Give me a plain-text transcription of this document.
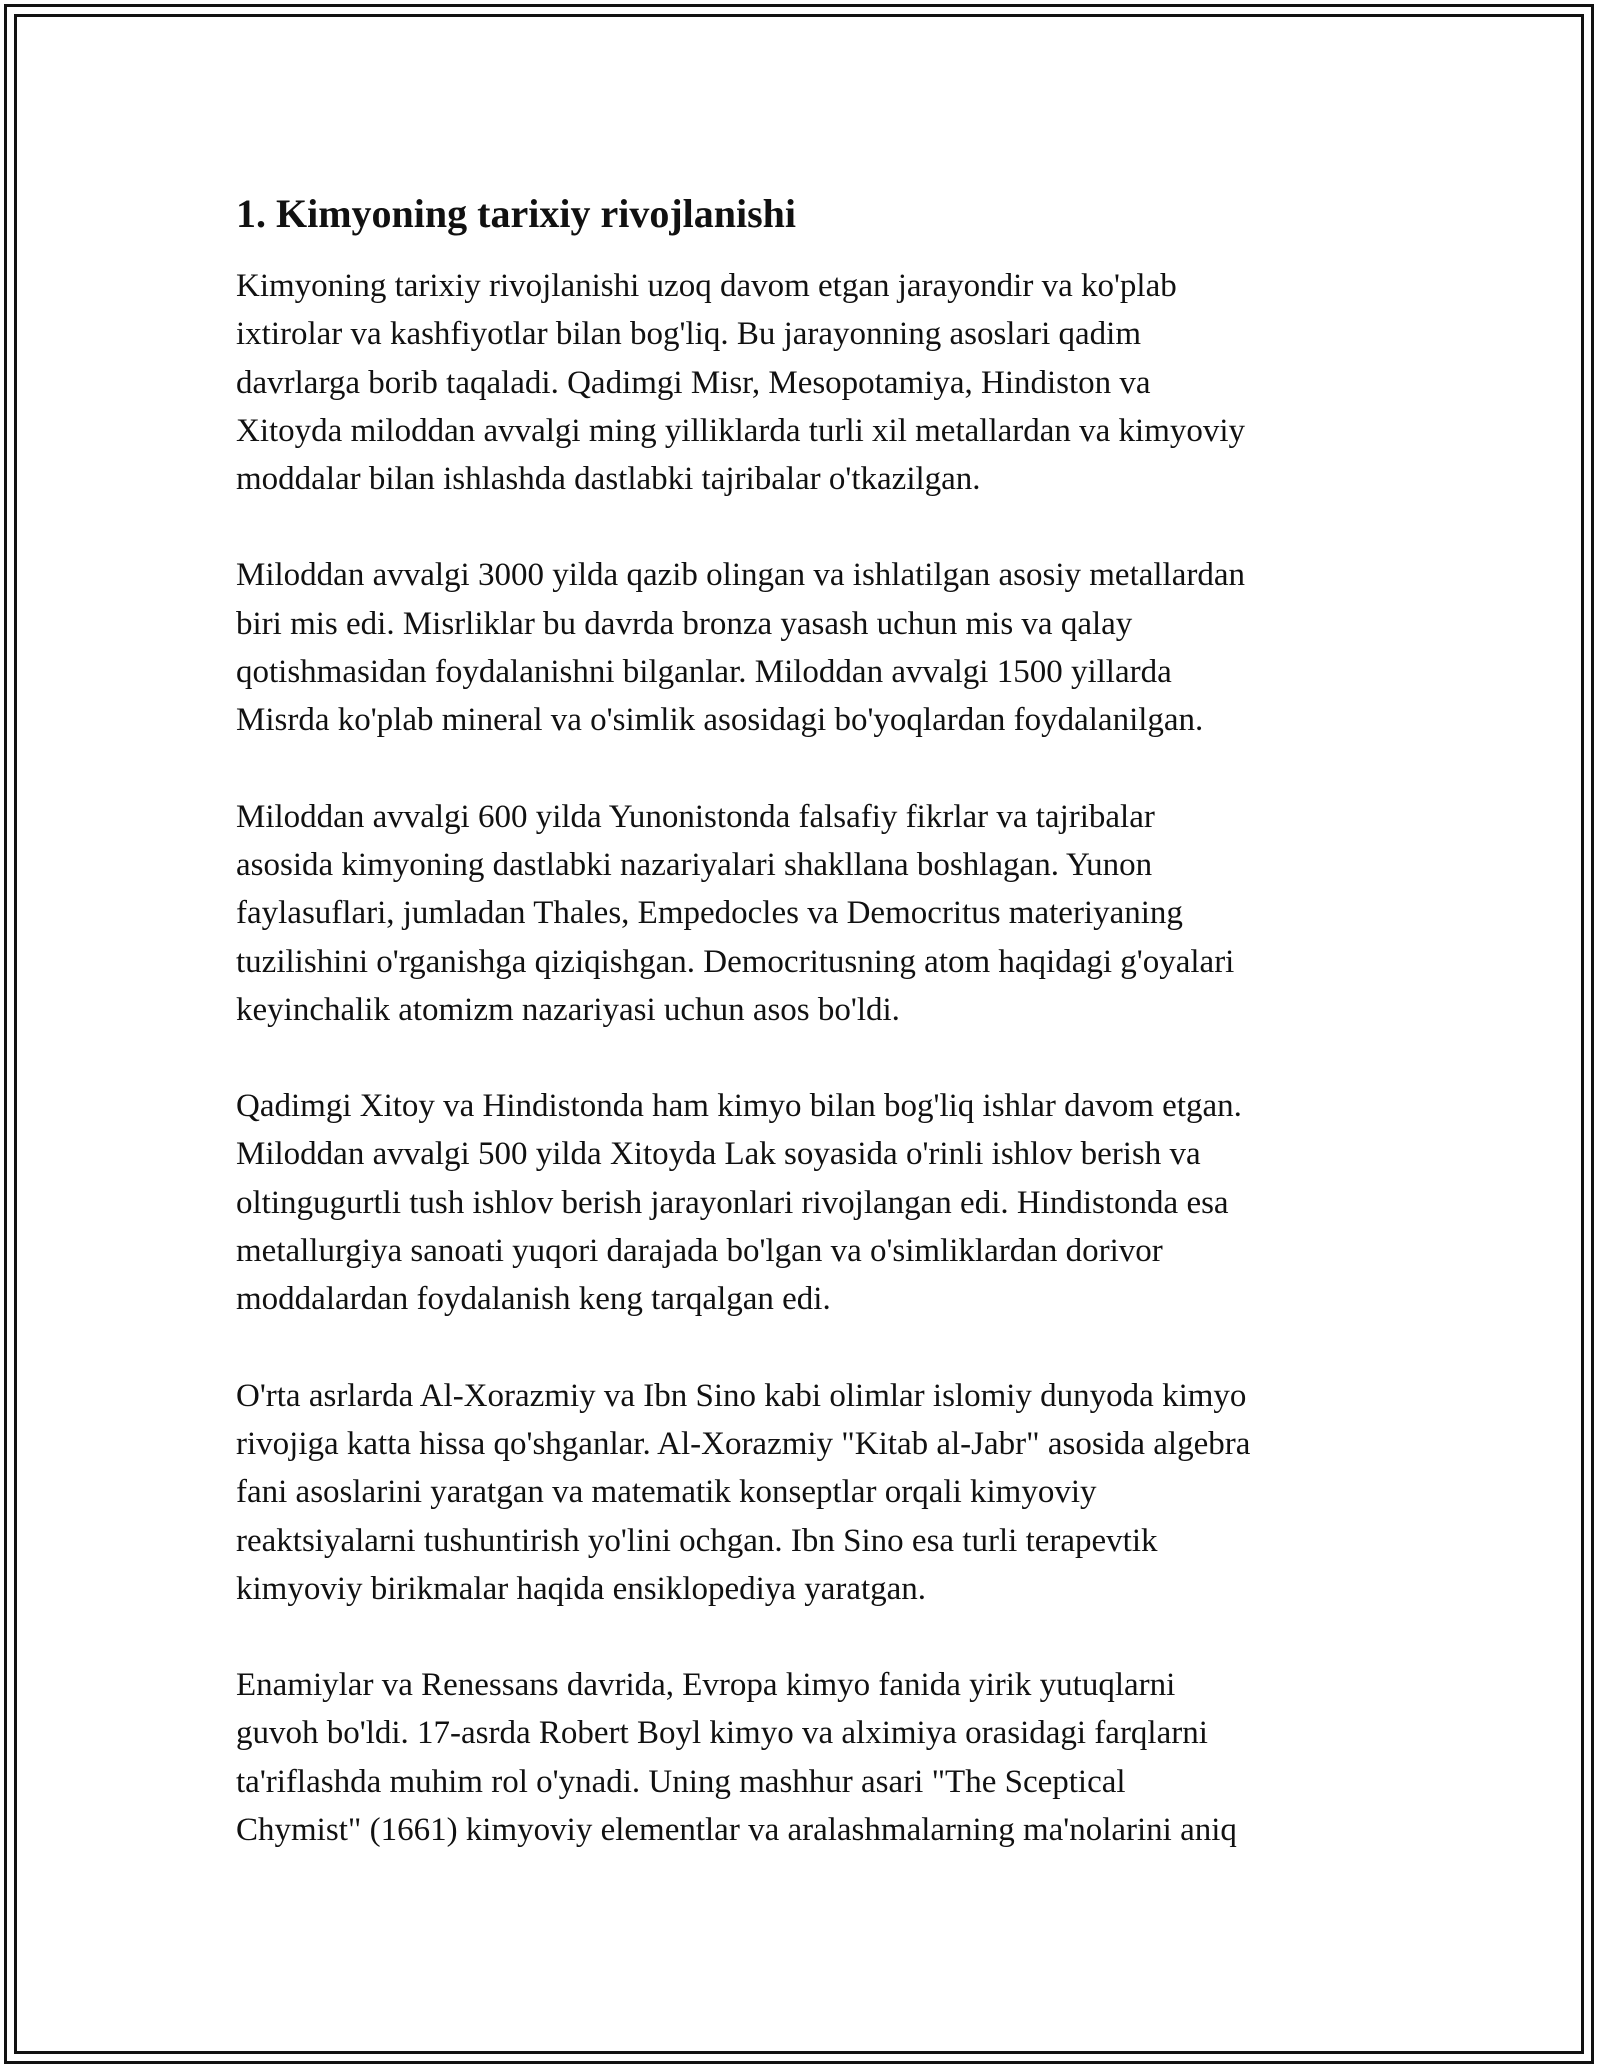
1. Kimyoning tarixiy rivojlanishi

Kimyoning tarixiy rivojlanishi uzoq davom etgan jarayondir va ko'plab
ixtirolar va kashfiyotlar bilan bog'liq. Bu jarayonning asoslari qadim
davrlarga borib taqaladi. Qadimgi Misr, Mesopotamiya, Hindiston va
Xitoyda miloddan avvalgi ming yilliklarda turli xil metallardan va kimyoviy
moddalar bilan ishlashda dastlabki tajribalar o'tkazilgan.

Miloddan avvalgi 3000 yilda qazib olingan va ishlatilgan asosiy metallardan
biri mis edi. Misrliklar bu davrda bronza yasash uchun mis va qalay
qotishmasidan foydalanishni bilganlar. Miloddan avvalgi 1500 yillarda
Misrda ko'plab mineral va o'simlik asosidagi bo'yoqlardan foydalanilgan.

Miloddan avvalgi 600 yilda Yunonistonda falsafiy fikrlar va tajribalar
asosida kimyoning dastlabki nazariyalari shakllana boshlagan. Yunon
faylasuflari, jumladan Thales, Empedocles va Democritus materiyaning
tuzilishini o'rganishga qiziqishgan. Democritusning atom haqidagi g'oyalari
keyinchalik atomizm nazariyasi uchun asos bo'ldi.

Qadimgi Xitoy va Hindistonda ham kimyo bilan bog'liq ishlar davom etgan.
Miloddan avvalgi 500 yilda Xitoyda Lak soyasida o'rinli ishlov berish va
oltingugurtli tush ishlov berish jarayonlari rivojlangan edi. Hindistonda esa
metallurgiya sanoati yuqori darajada bo'lgan va o'simliklardan dorivor
moddalardan foydalanish keng tarqalgan edi.

O'rta asrlarda Al-Xorazmiy va Ibn Sino kabi olimlar islomiy dunyoda kimyo
rivojiga katta hissa qo'shganlar. Al-Xorazmiy "Kitab al-Jabr" asosida algebra
fani asoslarini yaratgan va matematik konseptlar orqali kimyoviy
reaktsiyalarni tushuntirish yo'lini ochgan. Ibn Sino esa turli terapevtik
kimyoviy birikmalar haqida ensiklopediya yaratgan.

Enamiylar va Renessans davrida, Evropa kimyo fanida yirik yutuqlarni
guvoh bo'ldi. 17-asrda Robert Boyl kimyo va alximiya orasidagi farqlarni
ta'riflashda muhim rol o'ynadi. Uning mashhur asari "The Sceptical
Chymist" (1661) kimyoviy elementlar va aralashmalarning ma'nolarini aniq
